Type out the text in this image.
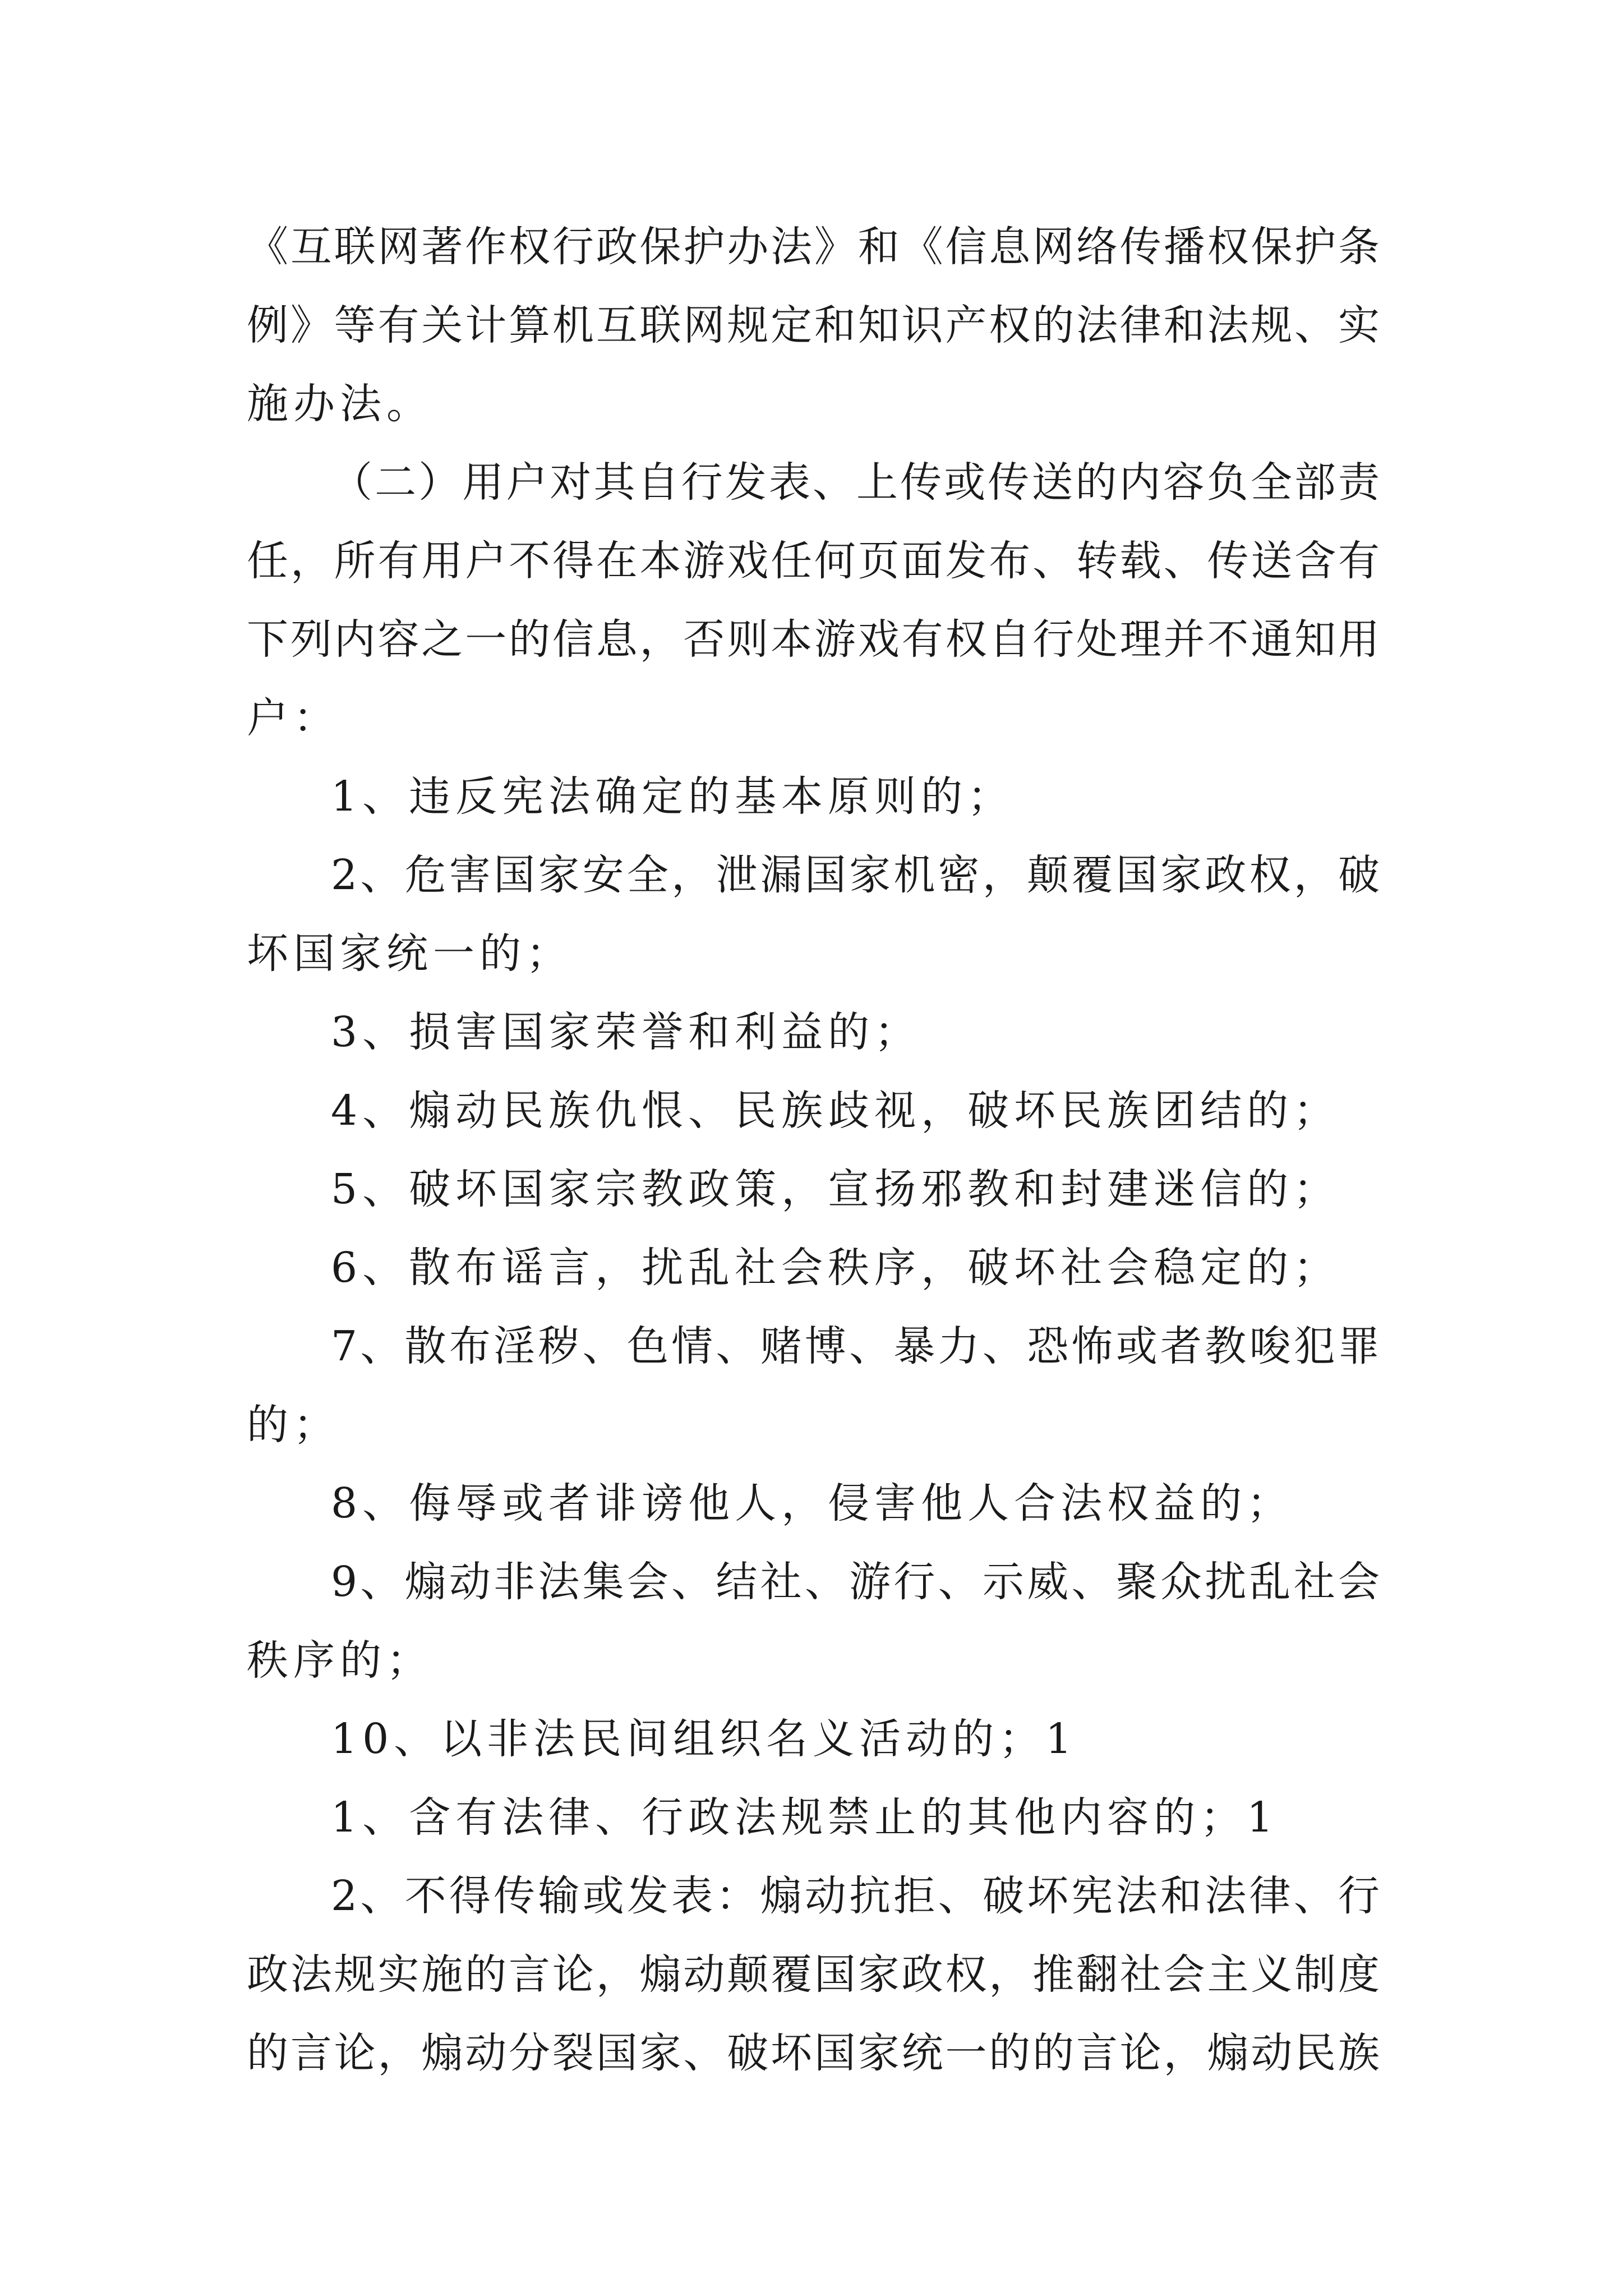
《互联网著作权行政保护办法》和《信息网络传播权保护条
例》等有关计算机互联网规定和知识产权的法律和法规、实
施办法。
（二）用户对其自行发表、上传或传送的内容负全部责
任，所有用户不得在本游戏任何页面发布、转载、传送含有
下列内容之一的信息，否则本游戏有权自行处理并不通知用
户：
1、违反宪法确定的基本原则的；
2、危害国家安全，泄漏国家机密，颠覆国家政权，破
坏国家统一的；
3、损害国家荣誉和利益的；
4、煽动民族仇恨、民族歧视，破坏民族团结的；
5、破坏国家宗教政策，宣扬邪教和封建迷信的；
6、散布谣言，扰乱社会秩序，破坏社会稳定的；
7、散布淫秽、色情、赌博、暴力、恐怖或者教唆犯罪
的；
8、侮辱或者诽谤他人，侵害他人合法权益的；
9、煽动非法集会、结社、游行、示威、聚众扰乱社会
秩序的；
10、以非法民间组织名义活动的；1
1、含有法律、行政法规禁止的其他内容的；1
2、不得传输或发表：煽动抗拒、破坏宪法和法律、行
政法规实施的言论，煽动颠覆国家政权，推翻社会主义制度
的言论，煽动分裂国家、破坏国家统一的的言论，煽动民族
